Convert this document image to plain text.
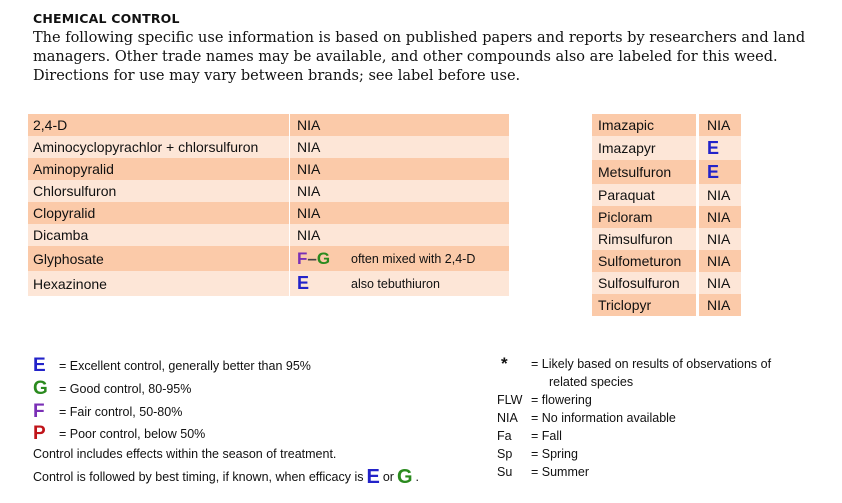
CHEMICAL CONTROL
The following specific use information is based on published papers and reports by researchers and land managers. Other trade names may be available, and other compounds also are labeled for this weed. Directions for use may vary between brands; see label before use.
2,4-D	NIA
Aminocyclopyrachlor + chlorsulfuron	NIA
Aminopyralid	NIA
Chlorsulfuron	NIA
Clopyralid	NIA
Dicamba	NIA
Glyphosate	F–G often mixed with 2,4-D
Hexazinone	E	also tebuthiuron
Imazapic	NIA
Imazapyr	E
Metsulfuron	E
Paraquat	NIA
Picloram	NIA
Rimsulfuron	NIA
Sulfometuron	NIA
Sulfosulfuron	NIA
Triclopyr	NIA
E	= Excellent control, generally better than 95%
G = Good control, 80-95%
F	= Fair control, 50-80%
P	= Poor control, below 50%
Control includes effects within the season of treatment.
Control is followed by best timing, if known, when efficacy is E or G .
*	= Likely based on results of observations of
related species
FLW = flowering
NIA	= No information available
Fa	= Fall
Sp	= Spring
Su	= Summer
